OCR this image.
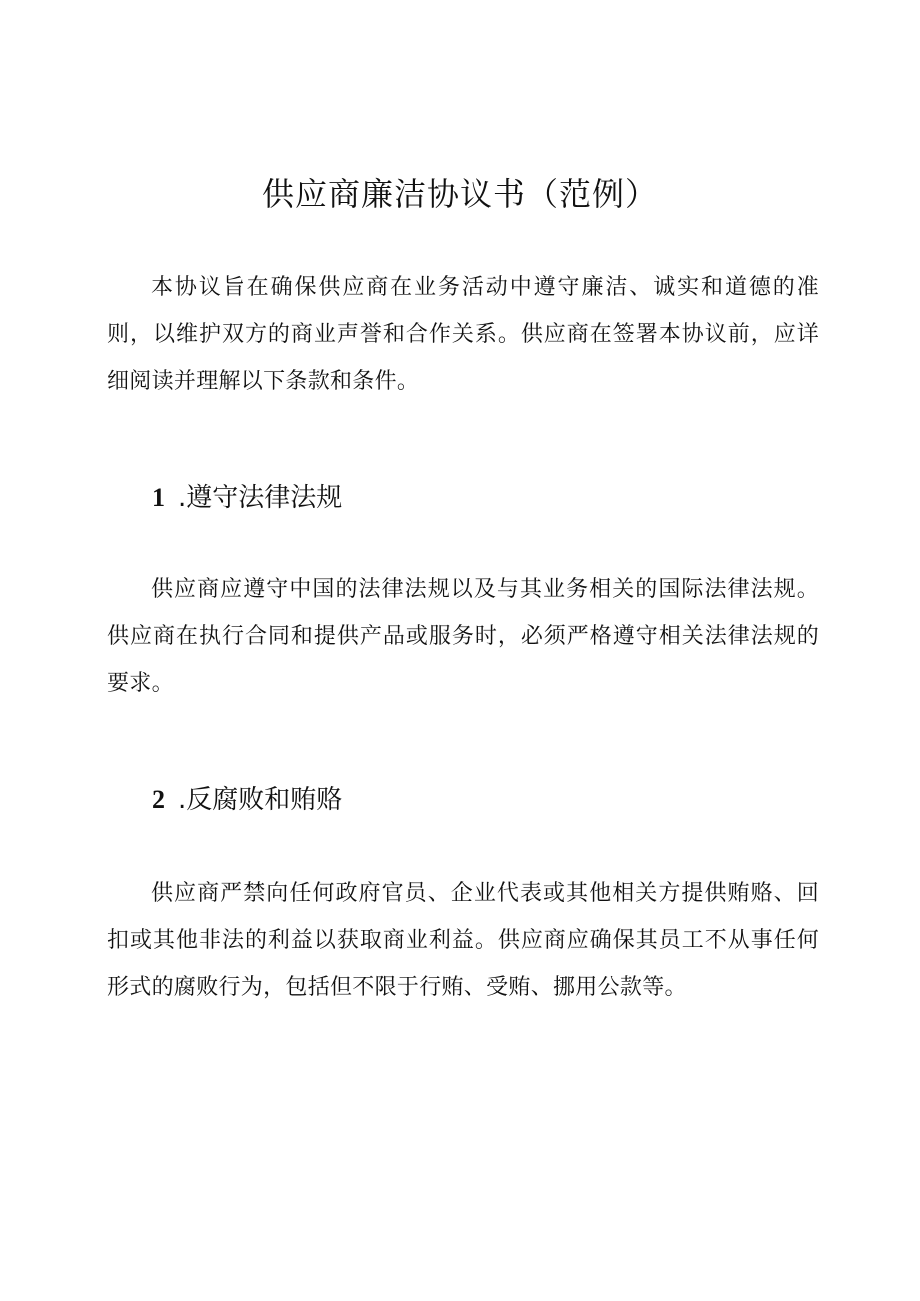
供应商廉洁协议书（范例）

本协议旨在确保供应商在业务活动中遵守廉洁、诚实和道德的准则，以维护双方的商业声誉和合作关系。供应商在签署本协议前，应详细阅读并理解以下条款和条件。

1 .遵守法律法规

供应商应遵守中国的法律法规以及与其业务相关的国际法律法规。供应商在执行合同和提供产品或服务时，必须严格遵守相关法律法规的要求。

2 .反腐败和贿赂

供应商严禁向任何政府官员、企业代表或其他相关方提供贿赂、回扣或其他非法的利益以获取商业利益。供应商应确保其员工不从事任何形式的腐败行为，包括但不限于行贿、受贿、挪用公款等。
